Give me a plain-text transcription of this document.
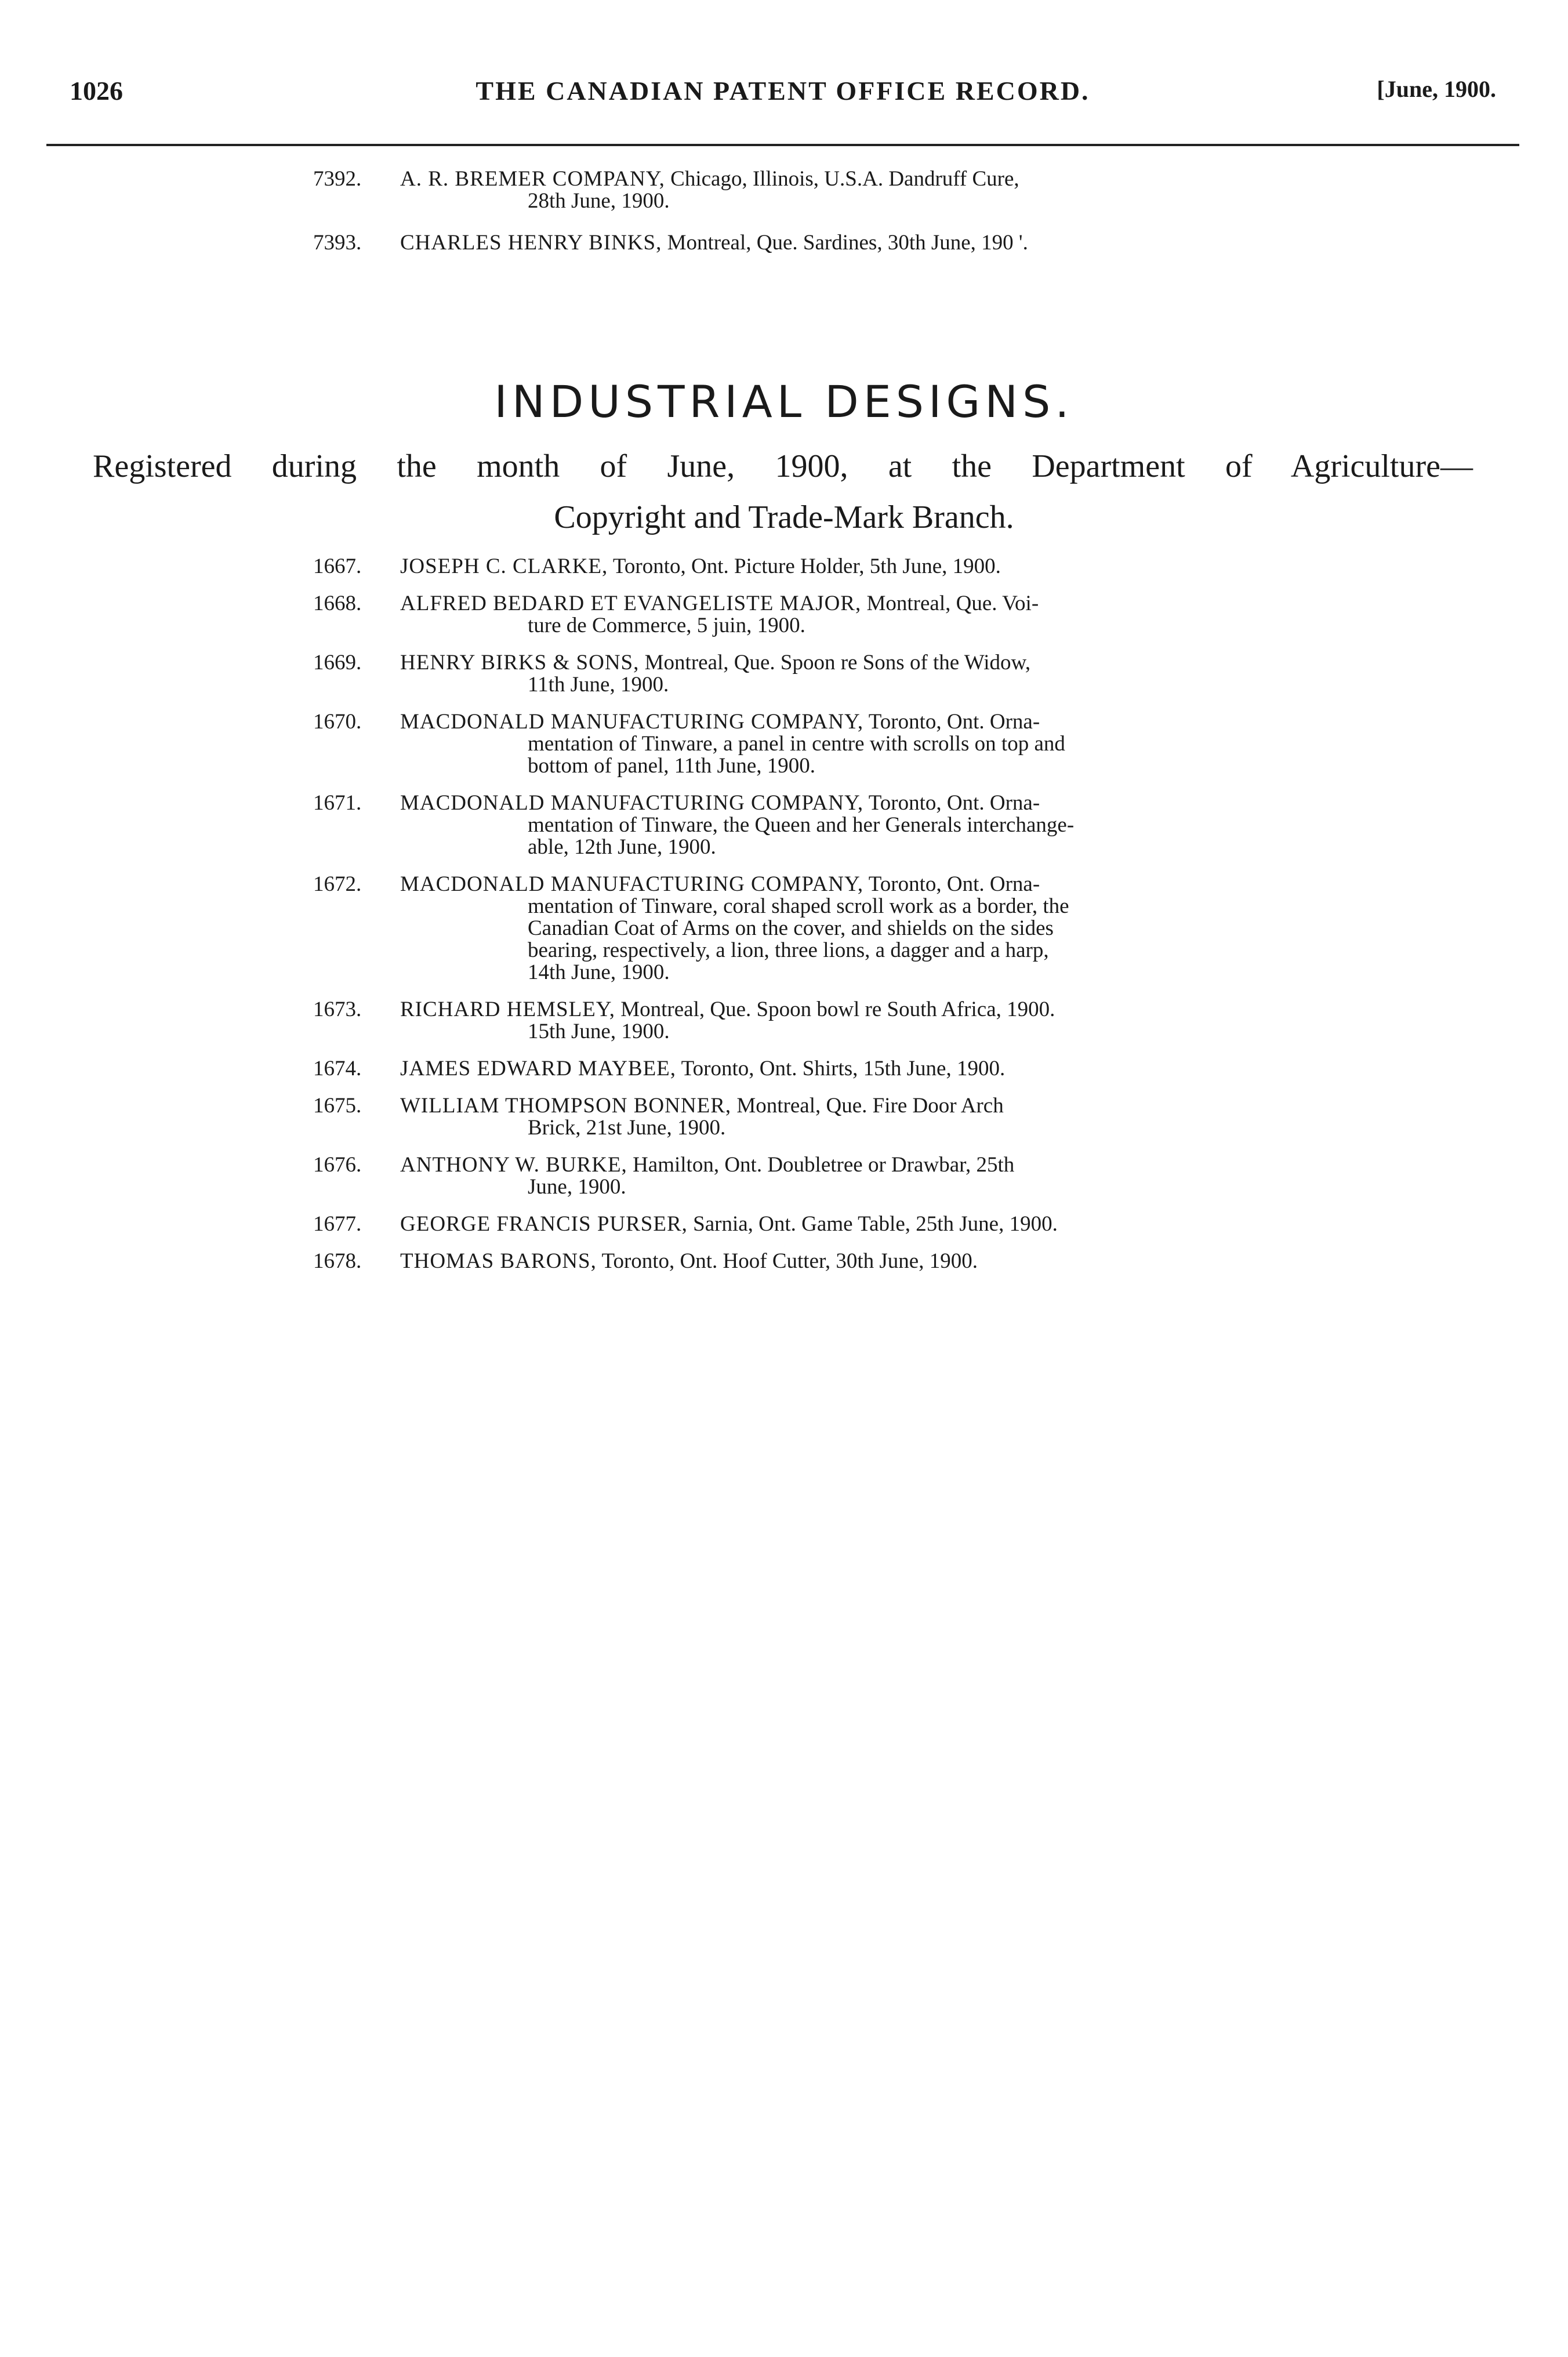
1026	THE CANADIAN PATENT OFFICE RECORD.	[June, 1900.
7392.	A. R. BREMER COMPANY, Chicago, Illinois, U.S.A. Dandruff Cure,
28th June, 1900.
7393.	CHARLES HENRY BINKS, Montreal, Que. Sardines, 30th June, 190 '.
INDUSTRIAL DESIGNS.
Registered during the month of June, 1900, at the Department of Agriculture—
Copyright and Trade-Mark Branch.
1667.	JOSEPH C. CLARKE, Toronto, Ont. Picture Holder, 5th June, 1900.
1668.	ALFRED BEDARD ET EVANGELISTE MAJOR, Montreal, Que. Voi-
ture de Commerce, 5 juin, 1900.
1669.	HENRY BIRKS & SONS, Montreal, Que. Spoon re Sons of the Widow,
11th June, 1900.
1670.	MACDONALD MANUFACTURING COMPANY, Toronto, Ont. Orna-
mentation of Tinware, a panel in centre with scrolls on top and
bottom of panel, 11th June, 1900.
1671.	MACDONALD MANUFACTURING COMPANY, Toronto, Ont. Orna-
mentation of Tinware, the Queen and her Generals interchange-
able, 12th June, 1900.
1672.	MACDONALD MANUFACTURING COMPANY, Toronto, Ont. Orna-
mentation of Tinware, coral shaped scroll work as a border, the
Canadian Coat of Arms on the cover, and shields on the sides
bearing, respectively, a lion, three lions, a dagger and a harp,
14th June, 1900.
1673.	RICHARD HEMSLEY, Montreal, Que. Spoon bowl re South Africa, 1900.
15th June, 1900.
1674.	JAMES EDWARD MAYBEE, Toronto, Ont. Shirts, 15th June, 1900.
1675.	WILLIAM THOMPSON BONNER, Montreal, Que. Fire Door Arch
Brick, 21st June, 1900.
1676.	ANTHONY W. BURKE, Hamilton, Ont. Doubletree or Drawbar, 25th
June, 1900.
1677.	GEORGE FRANCIS PURSER, Sarnia, Ont. Game Table, 25th June, 1900.
1678.	THOMAS BARONS, Toronto, Ont. Hoof Cutter, 30th June, 1900.
